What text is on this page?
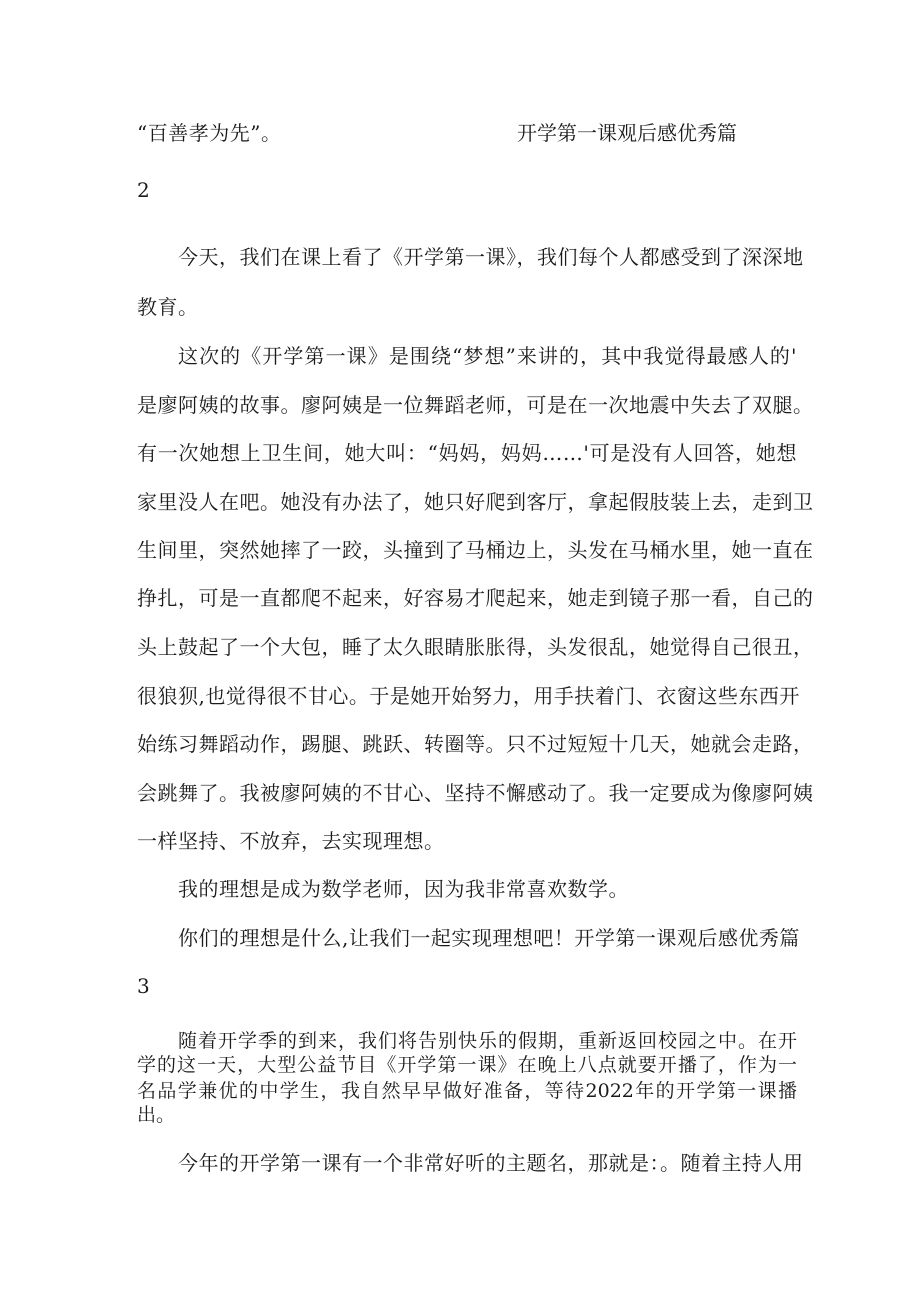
“百善孝为先”。	开学第一课观后感优秀篇
2
今天，我们在课上看了《开学第一课》，我们每个人都感受到了深深地
教育。
这次的《开学第一课》是围绕“梦想”来讲的，其中我觉得最感人的'
是廖阿姨的故事。廖阿姨是一位舞蹈老师，可是在一次地震中失去了双腿。
有一次她想上卫生间，她大叫：“妈妈，妈妈……'可是没有人回答，她想
家里没人在吧。她没有办法了，她只好爬到客厅，拿起假肢装上去，走到卫
生间里，突然她摔了一跤，头撞到了马桶边上，头发在马桶水里，她一直在
挣扎，可是一直都爬不起来，好容易才爬起来，她走到镜子那一看，自己的
头上鼓起了一个大包，睡了太久眼睛胀胀得，头发很乱，她觉得自己很丑，
很狼狈,也觉得很不甘心。于是她开始努力，用手扶着门、衣窗这些东西开
始练习舞蹈动作，踢腿、跳跃、转圈等。只不过短短十几天，她就会走路，
会跳舞了。我被廖阿姨的不甘心、坚持不懈感动了。我一定要成为像廖阿姨
一样坚持、不放弃，去实现理想。
我的理想是成为数学老师，因为我非常喜欢数学。
你们的理想是什么,让我们一起实现理想吧！开学第一课观后感优秀篇
3
随着开学季的到来，我们将告别快乐的假期，重新返回校园之中。在开
学的这一天，大型公益节目《开学第一课》在晚上八点就要开播了，作为一
名品学兼优的中学生，我自然早早做好准备，等待2022年的开学第一课播
出。
今年的开学第一课有一个非常好听的主题名，那就是：。随着主持人用
